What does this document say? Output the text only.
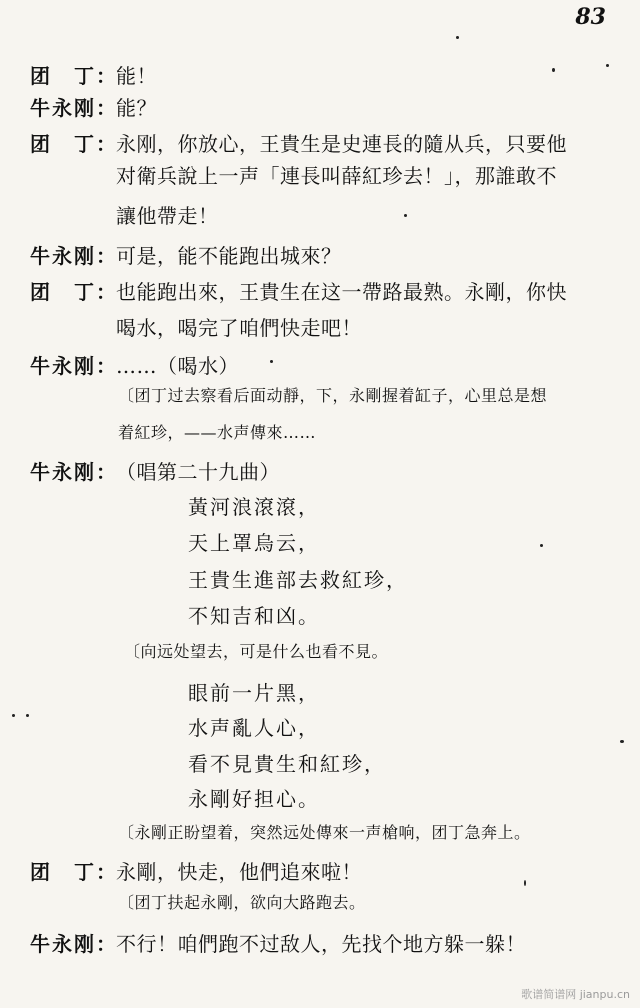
83
团　丁：能！
牛永刚：能？
团　丁：永刚，你放心，王貴生是史連長的隨从兵，只要他
对衛兵說上一声「連長叫薛紅珍去！」，那誰敢不
讓他帶走！
牛永刚：可是，能不能跑出城來？
团　丁：也能跑出來，王貴生在这一帶路最熟。永剛，你快
喝水，喝完了咱們快走吧！
牛永刚：……（喝水）
〔团丁过去察看后面动靜，下，永剛握着缸子，心里总是想
着紅珍，——水声傳來……
牛永刚：（唱第二十九曲）
黃河浪滾滾，
天上罩烏云，
王貴生進部去救紅珍，
不知吉和凶。
〔向远处望去，可是什么也看不見。
眼前一片黑，
水声亂人心，
看不見貴生和紅珍，
永剛好担心。
〔永剛正盼望着，突然远处傳來一声槍响，团丁急奔上。
团　丁：永剛，快走，他們追來啦！
〔团丁扶起永剛，欲向大路跑去。
牛永刚：不行！咱們跑不过敌人，先找个地方躲一躲！
歌谱简谱网 jianpu.cn
